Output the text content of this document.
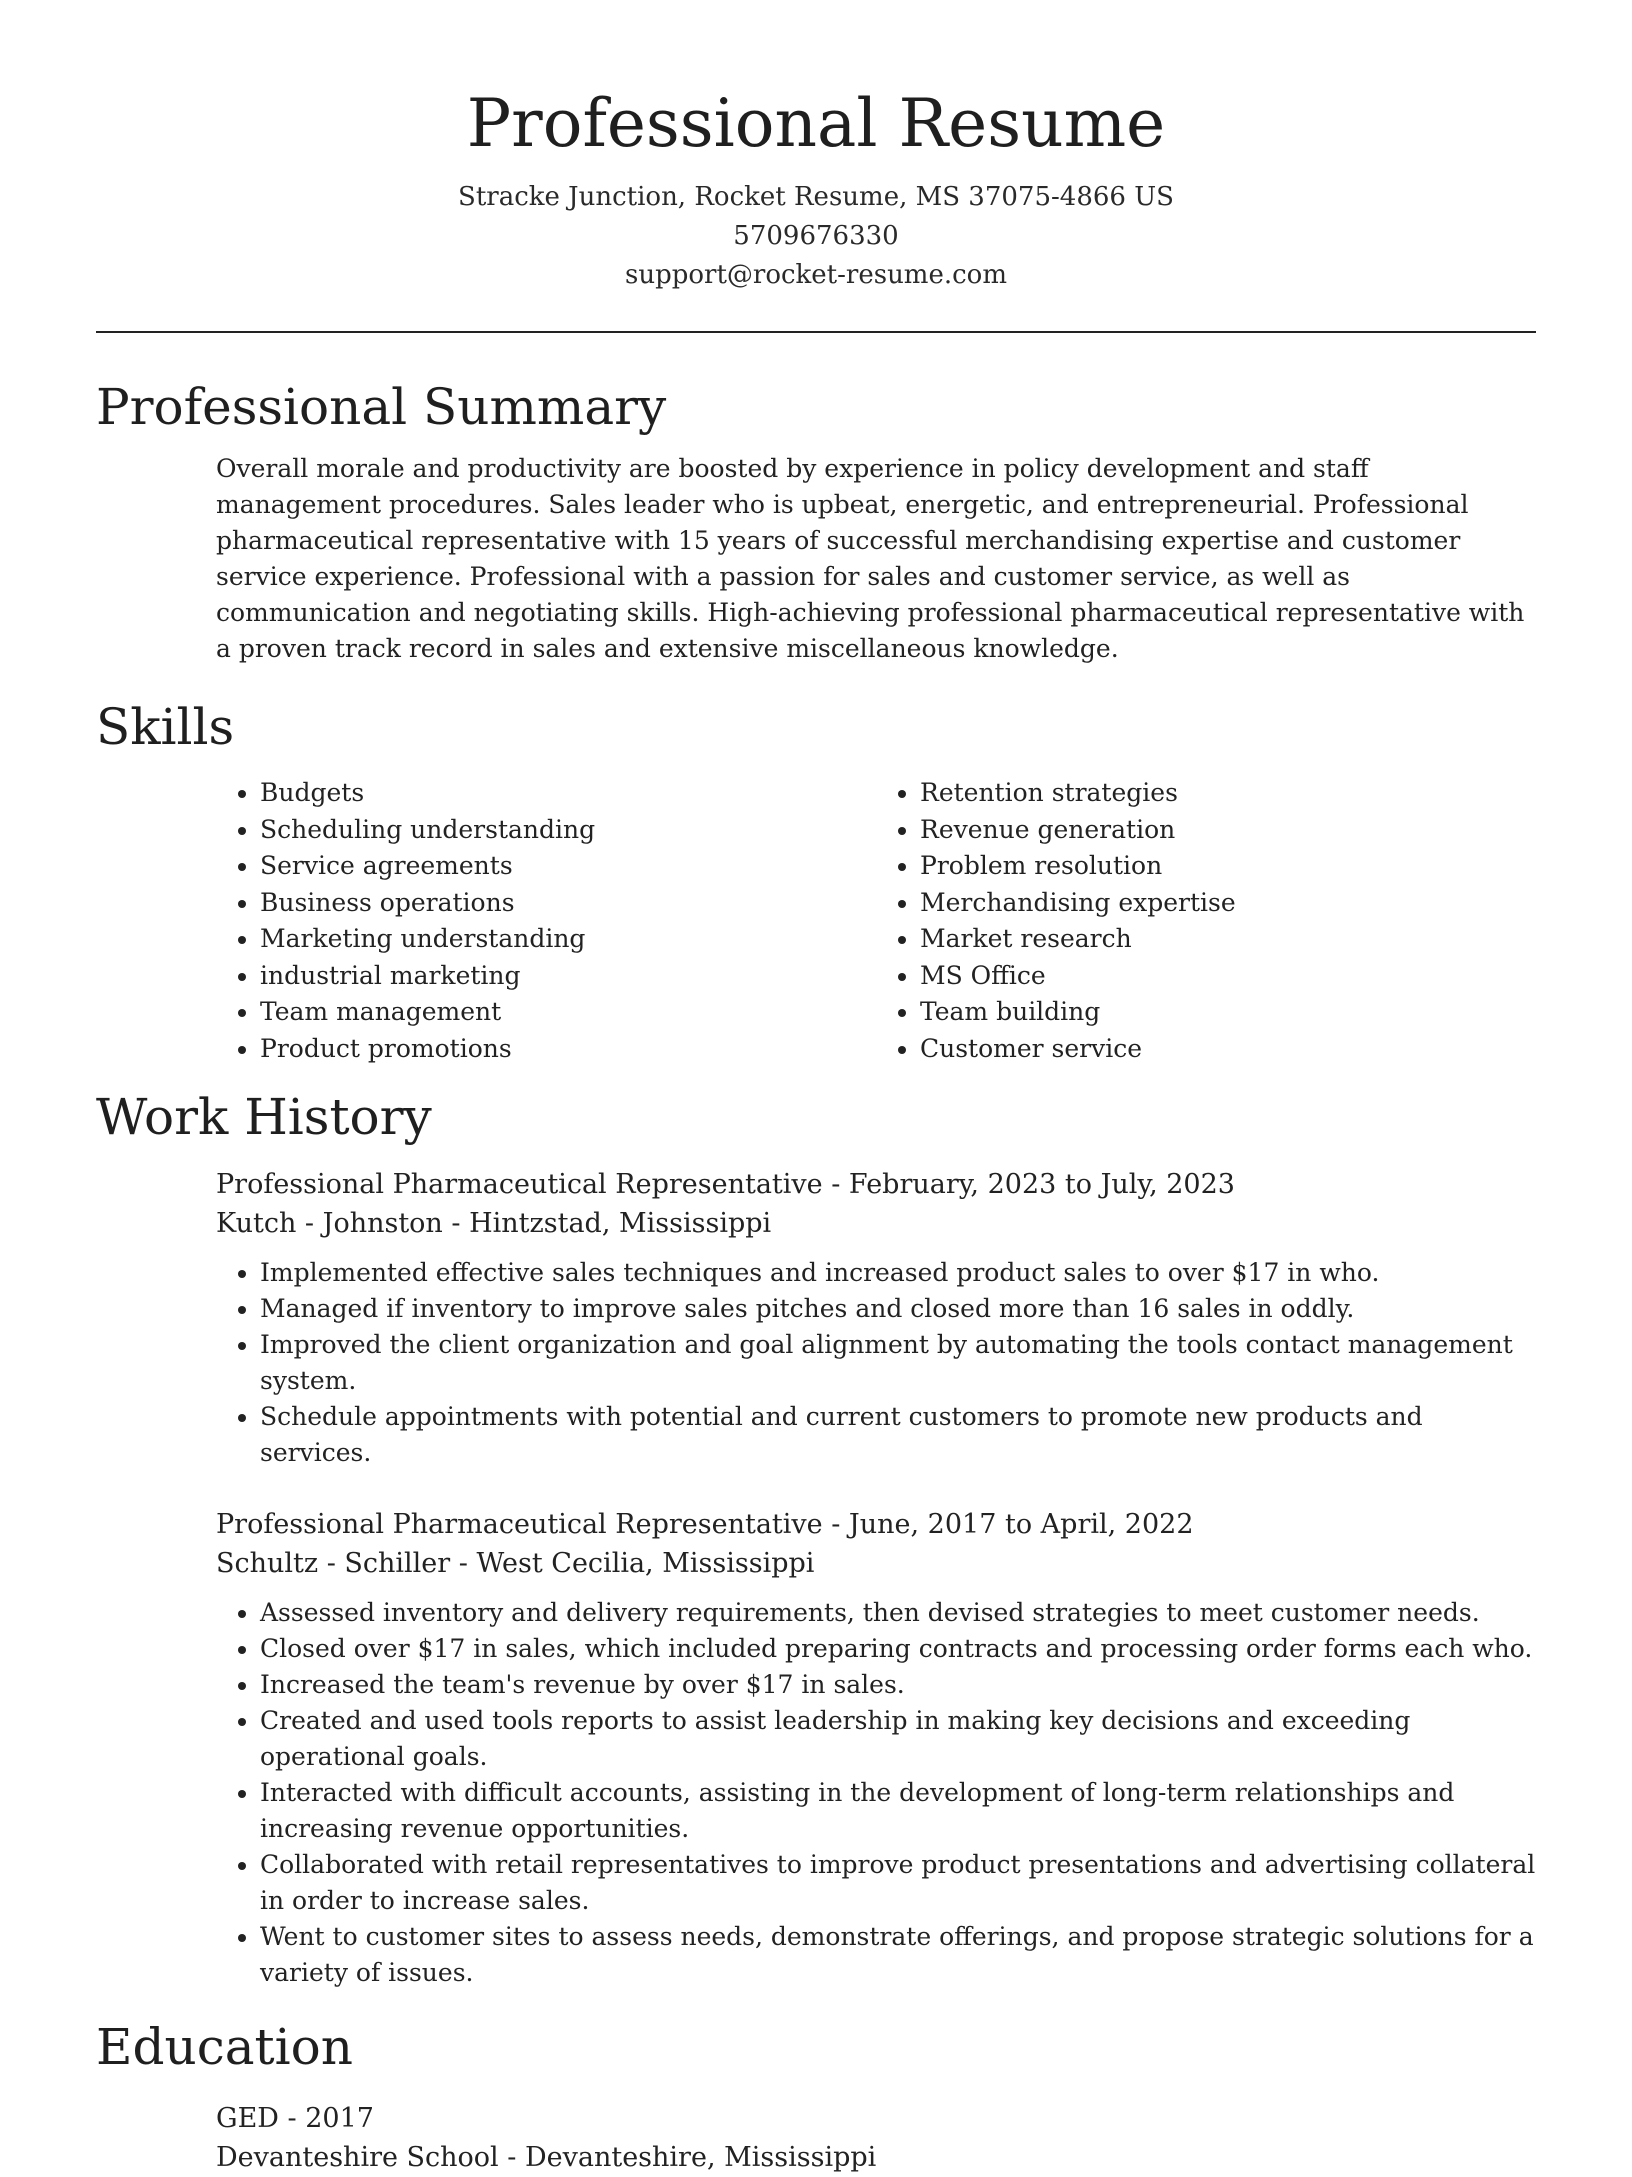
Professional Resume
Stracke Junction, Rocket Resume, MS 37075-4866 US
5709676330
support@rocket-resume.com
Professional Summary

Overall morale and productivity are boosted by experience in policy development and staff management procedures. Sales leader who is upbeat, energetic, and entrepreneurial. Professional pharmaceutical representative with 15 years of successful merchandising expertise and customer service experience. Professional with a passion for sales and customer service, as well as communication and negotiating skills. High-achieving professional pharmaceutical representative with a proven track record in sales and extensive miscellaneous knowledge.

Skills
• Budgets
• Scheduling understanding
• Service agreements
• Business operations
• Marketing understanding
• industrial marketing
• Team management
• Product promotions
• Retention strategies
• Revenue generation
• Problem resolution
• Merchandising expertise
• Market research
• MS Office
• Team building
• Customer service
Work History
Professional Pharmaceutical Representative - February, 2023 to July, 2023
Kutch - Johnston - Hintzstad, Mississippi
• Implemented effective sales techniques and increased product sales to over $17 in who.
• Managed if inventory to improve sales pitches and closed more than 16 sales in oddly.
• Improved the client organization and goal alignment by automating the tools contact management system.
• Schedule appointments with potential and current customers to promote new products and services.
Professional Pharmaceutical Representative - June, 2017 to April, 2022
Schultz - Schiller - West Cecilia, Mississippi
• Assessed inventory and delivery requirements, then devised strategies to meet customer needs.
• Closed over $17 in sales, which included preparing contracts and processing order forms each who.
• Increased the team's revenue by over $17 in sales.
• Created and used tools reports to assist leadership in making key decisions and exceeding operational goals.
• Interacted with difficult accounts, assisting in the development of long-term relationships and increasing revenue opportunities.
• Collaborated with retail representatives to improve product presentations and advertising collateral in order to increase sales.
• Went to customer sites to assess needs, demonstrate offerings, and propose strategic solutions for a variety of issues.
Education
GED - 2017
Devanteshire School - Devanteshire, Mississippi
